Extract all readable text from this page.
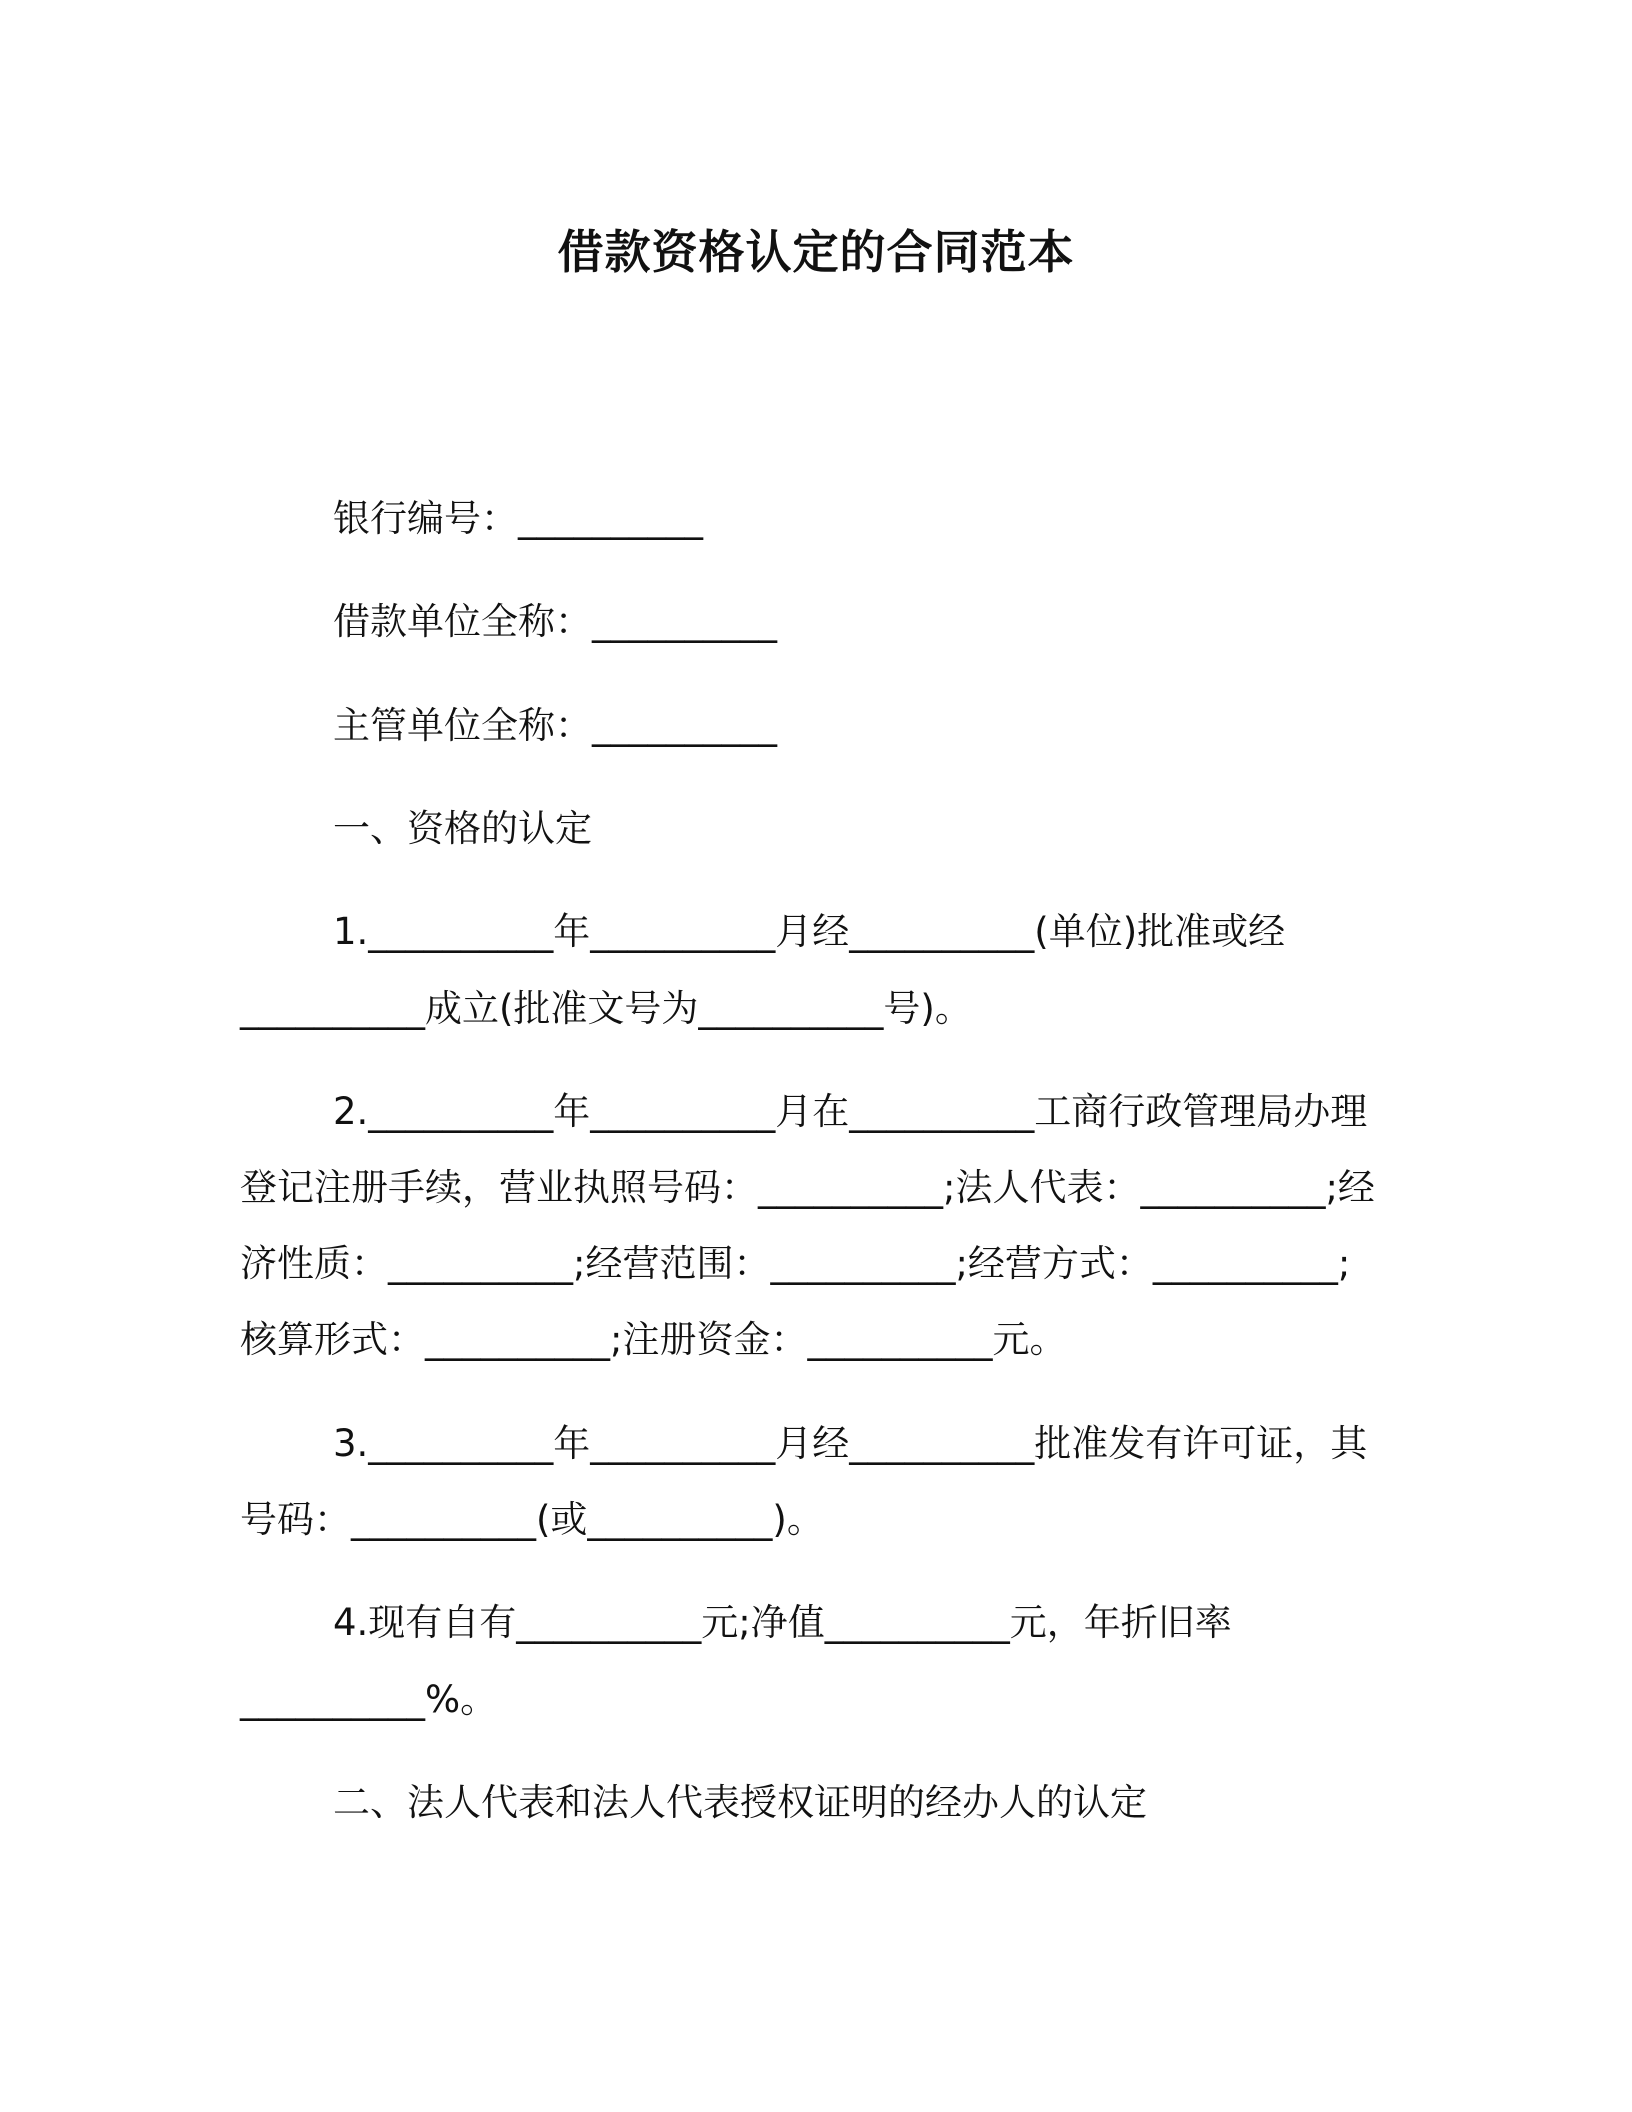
借款资格认定的合同范本
银行编号：__________
借款单位全称：__________
主管单位全称：__________
一、资格的认定
1.__________年__________月经__________(单位)批准或经
__________成立(批准文号为__________号)。
2.__________年__________月在__________工商行政管理局办理
登记注册手续，营业执照号码：__________;法人代表：__________;经
济性质：__________;经营范围：__________;经营方式：__________;
核算形式：__________;注册资金：__________元。
3.__________年__________月经__________批准发有许可证，其
号码：__________(或__________)。
4.现有自有__________元;净值__________元，年折旧率
__________%。
二、法人代表和法人代表授权证明的经办人的认定
